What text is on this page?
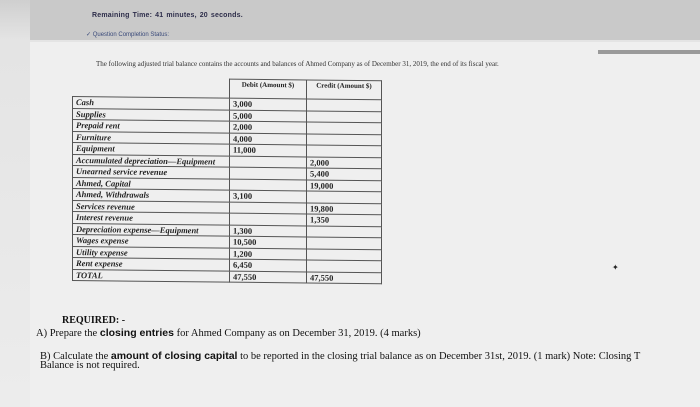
Remaining Time: 41 minutes, 20 seconds.
✓ Question Completion Status:
The following adjusted trial balance contains the accounts and balances of Ahmed Company as of December 31, 2019, the end of its fiscal year.
	Debit (Amount $)	Credit (Amount $)
Cash	3,000	
Supplies	5,000	
Prepaid rent	2,000	
Furniture	4,000	
Equipment	11,000	
Accumulated depreciation—Equipment		2,000
Unearned service revenue		5,400
Ahmed, Capital		19,000
Ahmed, Withdrawals	3,100	
Services revenue		19,800
Interest revenue		1,350
Depreciation expense—Equipment	1,300	
Wages expense	10,500	
Utility expense	1,200	
Rent expense	6,450	
TOTAL	47,550	47,550
REQUIRED: -
A) Prepare the closing entries for Ahmed Company as on December 31, 2019. (4 marks)
B) Calculate the amount of closing capital to be reported in the closing trial balance as on December 31st, 2019. (1 mark) Note: Closing T
Balance is not required.
✦
